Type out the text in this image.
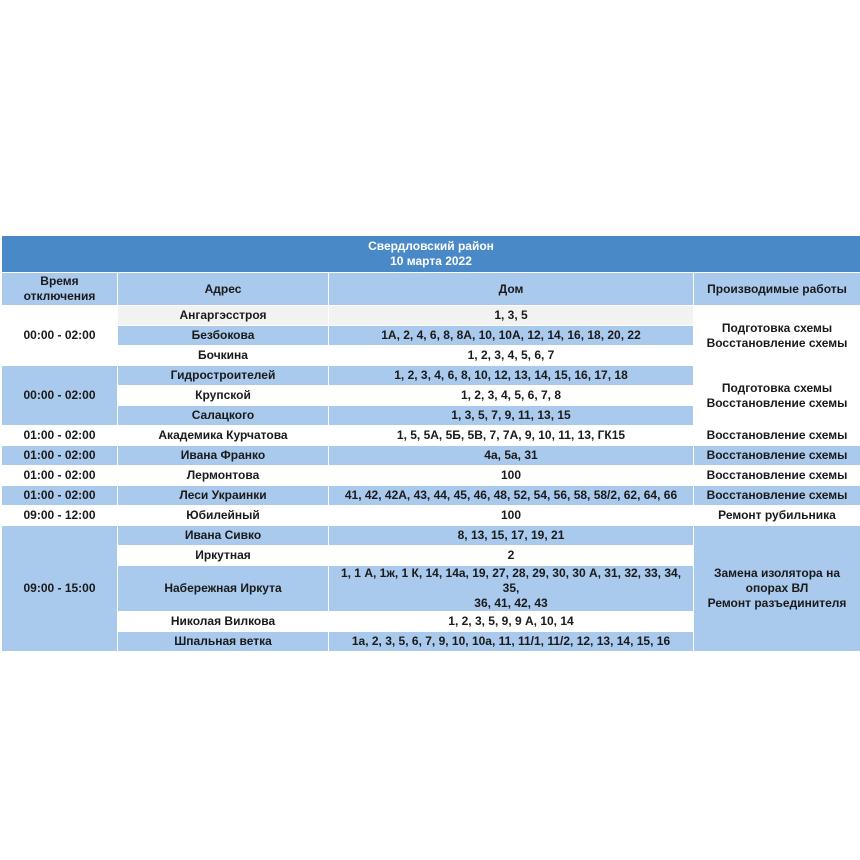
Свердловский район
10 марта 2022			

Время отключения	Адрес	Дом	Производимые работы
00:00 - 02:00	Ангаргэсстроя	1, 3, 5	Подготовка схемы
Восстановление схемы

	Безбокова	1А, 2, 4, 6, 8, 8А, 10, 10А, 12, 14, 16, 18, 20, 22	
	Бочкина	1, 2, 3, 4, 5, 6, 7	
00:00 - 02:00	Гидростроителей	1, 2, 3, 4, 6, 8, 10, 12, 13, 14, 15, 16, 17, 18	Подготовка схемы
Восстановление схемы

	Крупской	1, 2, 3, 4, 5, 6, 7, 8	
	Салацкого	1, 3, 5, 7, 9, 11, 13, 15	
01:00 - 02:00	Академика Курчатова	1, 5, 5А, 5Б, 5В, 7, 7А, 9, 10, 11, 13, ГК15	Восстановление схемы
01:00 - 02:00	Ивана Франко	4а, 5а, 31	Восстановление схемы
01:00 - 02:00	Лермонтова	100	Восстановление схемы
01:00 - 02:00	Леси Украинки	41, 42, 42А, 43, 44, 45, 46, 48, 52, 54, 56, 58, 58/2, 62, 64, 66	Восстановление схемы
09:00 - 12:00	Юбилейный	100	Ремонт рубильника
09:00 - 15:00	Ивана Сивко	8, 13, 15, 17, 19, 21	Замена изолятора на
опорах ВЛ
Ремонт разъединителя

	Иркутная	2	
	Набережная Иркута	1, 1 А, 1ж, 1 К, 14, 14а, 19, 27, 28, 29, 30, 30 А, 31, 32, 33, 34, 35,
36, 41, 42, 43	

	Николая Вилкова	1, 2, 3, 5, 9, 9 А, 10, 14	
	Шпальная ветка	1а, 2, 3, 5, 6, 7, 9, 10, 10а, 11, 11/1, 11/2, 12, 13, 14, 15, 16	
